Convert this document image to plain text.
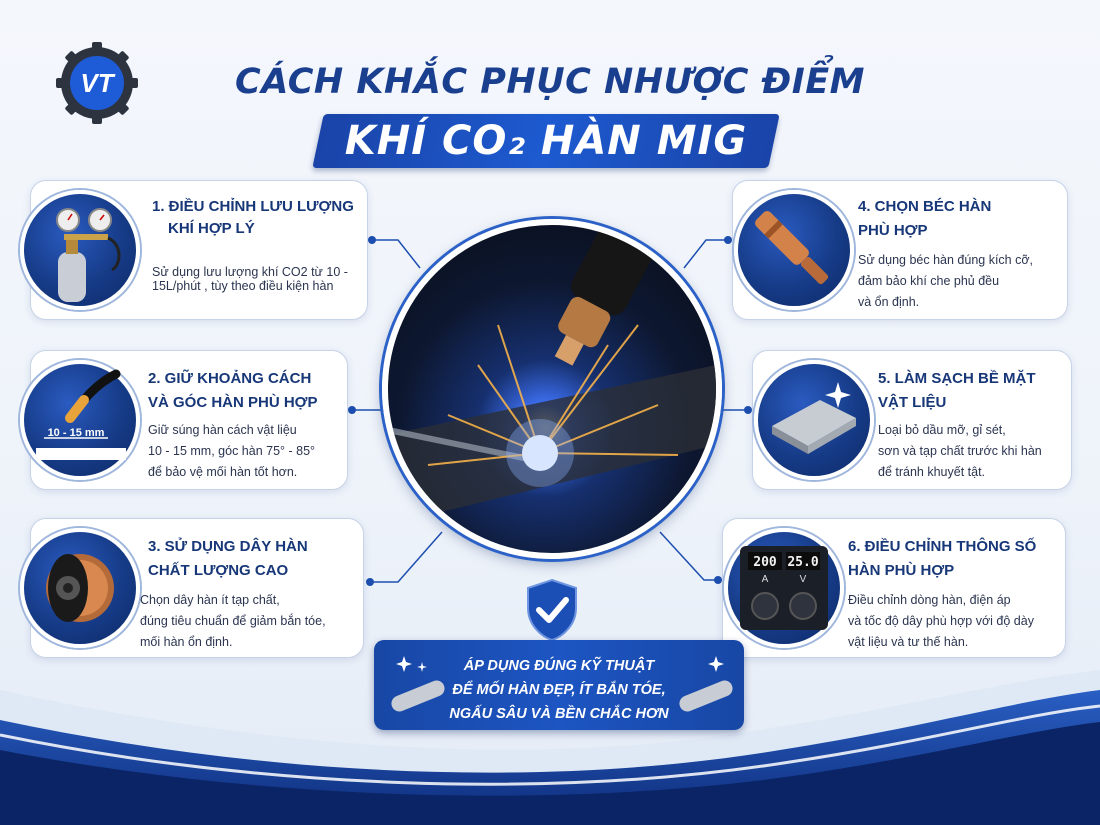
VT	CÁCH KHẮC PHỤC NHƯỢC ĐIỂM
KHÍ CO₂ HÀN MIG
1. ĐIỀU CHỈNH LƯU LƯỢNG
KHÍ HỢP LÝ
Sử dụng lưu lượng khí CO2 từ 10 -
15L/phút , tùy theo điều kiện hàn
10 - 15 mm
2. GIỮ KHOẢNG CÁCH
VÀ GÓC HÀN PHÙ HỢP
Giữ súng hàn cách vật liệu
10 - 15 mm, góc hàn 75° - 85°
để bảo vệ mối hàn tốt hơn.
3. SỬ DỤNG DÂY HÀN
CHẤT LƯỢNG CAO
Chọn dây hàn ít tạp chất,
đúng tiêu chuẩn để giảm bắn tóe,
mối hàn ổn định.
4. CHỌN BÉC HÀN
PHÙ HỢP
Sử dụng béc hàn đúng kích cỡ,
đảm bảo khí che phủ đều
và ổn định.
5. LÀM SẠCH BỀ MẶT
VẬT LIỆU
Loại bỏ dầu mỡ, gỉ sét,
sơn và tạp chất trước khi hàn
để tránh khuyết tật.
200 25.0
A	V
6. ĐIỀU CHỈNH THÔNG SỐ
HÀN PHÙ HỢP
Điều chỉnh dòng hàn, điện áp
và tốc độ dây phù hợp với độ dày
vật liệu và tư thế hàn.
ÁP DỤNG ĐÚNG KỸ THUẬT
ĐỂ MỐI HÀN ĐẸP, ÍT BẮN TÓE,
NGẤU SÂU VÀ BỀN CHẮC HƠN
